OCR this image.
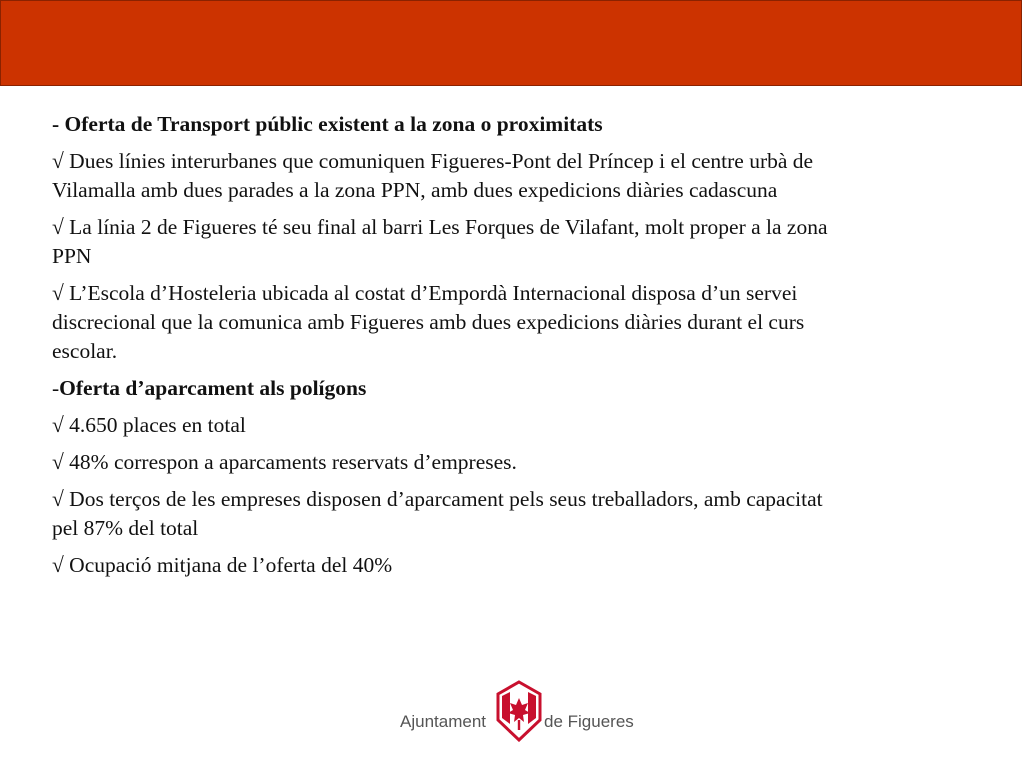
- Oferta de Transport públic existent a la zona o proximitats

√ Dues línies interurbanes que comuniquen Figueres-Pont del Príncep i el centre urbà de Vilamalla amb dues parades a la zona PPN, amb dues expedicions diàries cadascuna

√ La línia 2 de Figueres té seu final al barri Les Forques de Vilafant, molt proper a la zona PPN

√ L’Escola d’Hosteleria ubicada al costat d’Empordà Internacional disposa d’un servei discrecional que la comunica amb Figueres amb dues expedicions diàries durant el curs escolar.

-Oferta d’aparcament als polígons

√ 4.650 places en total

√ 48% correspon a aparcaments reservats d’empreses.

√ Dos terços de les empreses disposen d’aparcament pels seus treballadors, amb capacitat pel 87% del total

√ Ocupació mitjana de l’oferta del 40%

Ajuntament	de Figueres
